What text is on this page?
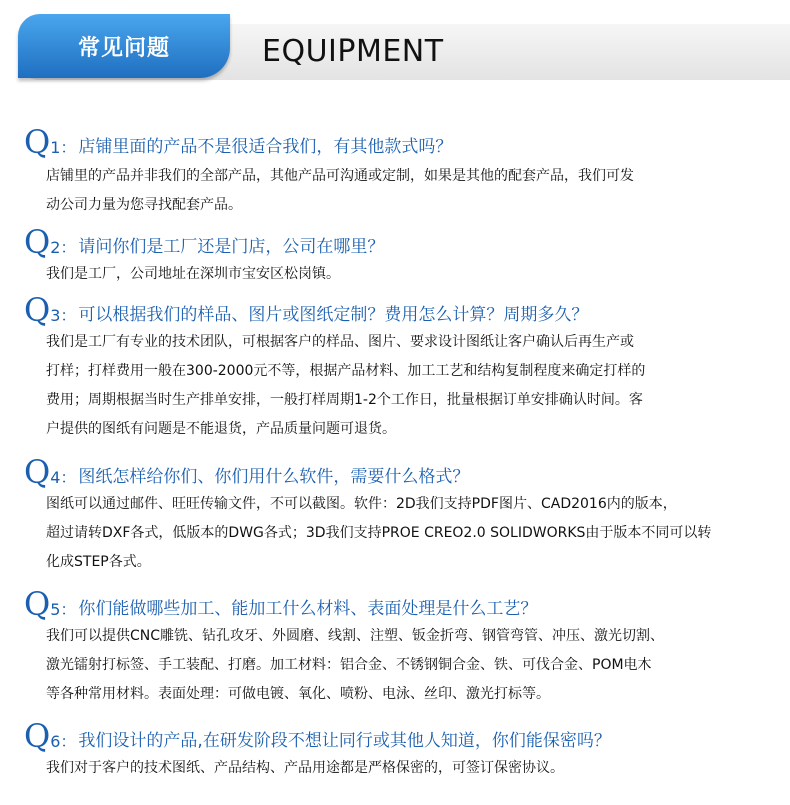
常见问题	EQUIPMENT
Q 1： 店铺里面的产品不是很适合我们，有其他款式吗？

店铺里的产品并非我们的全部产品，其他产品可沟通或定制，如果是其他的配套产品，我们可发

动公司力量为您寻找配套产品。

Q 2： 请问你们是工厂还是门店，公司在哪里？

我们是工厂，公司地址在深圳市宝安区松岗镇。

Q 3： 可以根据我们的样品、图片或图纸定制？费用怎么计算？周期多久？

我们是工厂有专业的技术团队，可根据客户的样品、图片、要求设计图纸让客户确认后再生产或

打样；打样费用一般在300-2000元不等，根据产品材料、加工工艺和结构复制程度来确定打样的

费用；周期根据当时生产排单安排，一般打样周期1-2个工作日，批量根据订单安排确认时间。客

户提供的图纸有问题是不能退货，产品质量问题可退货。

Q 4： 图纸怎样给你们、你们用什么软件，需要什么格式？

图纸可以通过邮件、旺旺传输文件，不可以截图。软件：2D我们支持PDF图片、CAD2016内的版本，

超过请转DXF各式，低版本的DWG各式；3D我们支持PROE CREO2.0 SOLIDWORKS由于版本不同可以转

化成STEP各式。

Q 5： 你们能做哪些加工、能加工什么材料、表面处理是什么工艺？

我们可以提供CNC雕铣、钻孔攻牙、外圆磨、线割、注塑、钣金折弯、钢管弯管、冲压、激光切割、

激光镭射打标签、手工装配、打磨。加工材料：铝合金、不锈钢铜合金、铁、可伐合金、POM电木

等各种常用材料。表面处理：可做电镀、氧化、喷粉、电泳、丝印、激光打标等。

Q 6： 我们设计的产品,在研发阶段不想让同行或其他人知道，你们能保密吗？

我们对于客户的技术图纸、产品结构、产品用途都是严格保密的，可签订保密协议。
